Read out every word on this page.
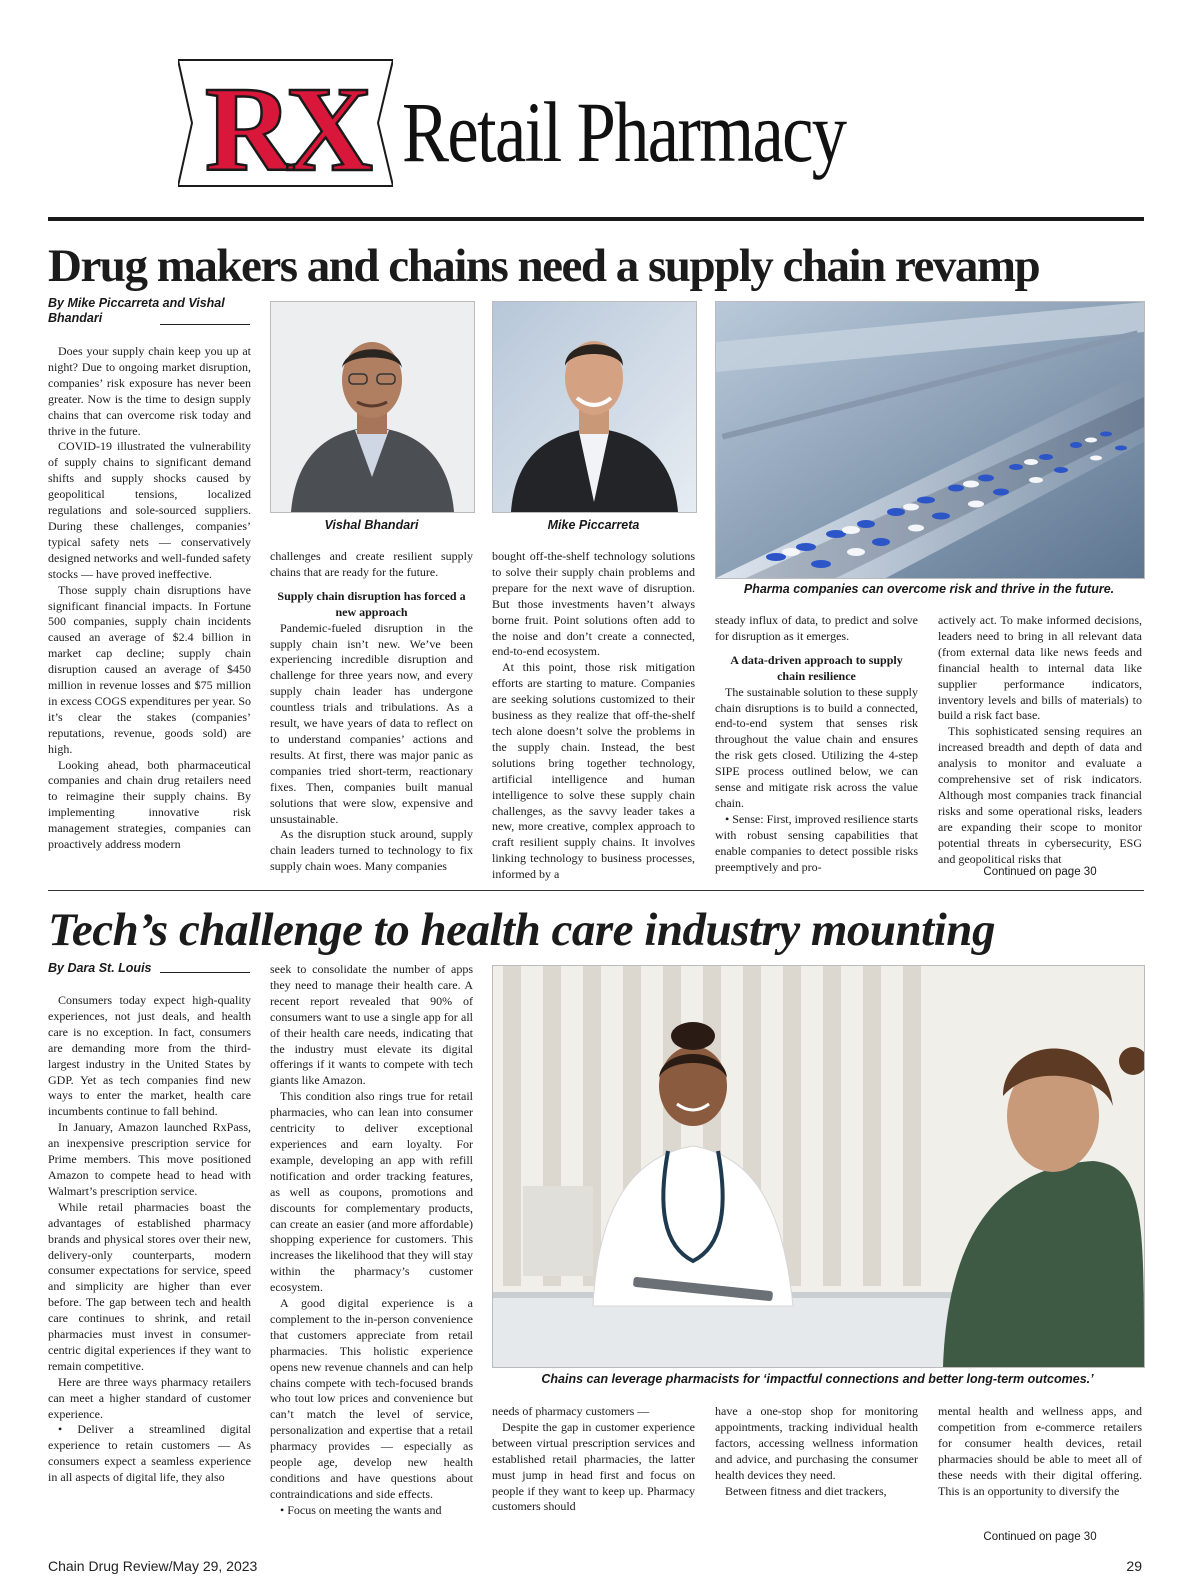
RX Retail Pharmacy
Drug makers and chains need a supply chain revamp
By Mike Piccarreta and Vishal Bhandari

Does your supply chain keep you up at night? Due to ongoing market disruption, companies’ risk exposure has never been greater. Now is the time to design supply chains that can overcome risk today and thrive in the future.

COVID-19 illustrated the vulnerability of supply chains to significant demand shifts and supply shocks caused by geopolitical tensions, localized regulations and sole-sourced suppliers. During these challenges, companies’ typical safety nets — conservatively designed networks and well-funded safety stocks — have proved ineffective.

Those supply chain disruptions have significant financial impacts. In Fortune 500 companies, supply chain incidents caused an average of $2.4 billion in market cap decline; supply chain disruption caused an average of $450 million in revenue losses and $75 million in excess COGS expenditures per year. So it’s clear the stakes (companies’ reputations, revenue, goods sold) are high.

Looking ahead, both pharmaceutical companies and chain drug retailers need to reimagine their supply chains. By implementing innovative risk management strategies, companies can proactively address modern

Vishal Bhandari	Mike Piccarreta
Pharma companies can overcome risk and thrive in the future.

challenges and create resilient supply chains that are ready for the future.

Supply chain disruption has forced a new approach

Pandemic-fueled disruption in the supply chain isn’t new. We’ve been experiencing incredible disruption and challenge for three years now, and every supply chain leader has undergone countless trials and tribulations. As a result, we have years of data to reflect on to understand companies’ actions and results. At first, there was major panic as companies tried short-term, reactionary fixes. Then, companies built manual solutions that were slow, expensive and unsustainable.

As the disruption stuck around, supply chain leaders turned to technology to fix supply chain woes. Many companies

bought off-the-shelf technology solutions to solve their supply chain problems and prepare for the next wave of disruption. But those investments haven’t always borne fruit. Point solutions often add to the noise and don’t create a connected, end-to-end ecosystem.

At this point, those risk mitigation efforts are starting to mature. Companies are seeking solutions customized to their business as they realize that off-the-shelf tech alone doesn’t solve the problems in the supply chain. Instead, the best solutions bring together technology, artificial intelligence and human intelligence to solve these supply chain challenges, as the savvy leader takes a new, more creative, complex approach to craft resilient supply chains. It involves linking technology to business processes, informed by a

steady influx of data, to predict and solve for disruption as it emerges.

A data-driven approach to supply chain resilience

The sustainable solution to these supply chain disruptions is to build a connected, end-to-end system that senses risk throughout the value chain and ensures the risk gets closed. Utilizing the 4-step SIPE process outlined below, we can sense and mitigate risk across the value chain.

• Sense: First, improved resilience starts with robust sensing capabilities that enable companies to detect possible risks preemptively and pro-

actively act. To make informed decisions, leaders need to bring in all relevant data (from external data like news feeds and financial health to internal data like supplier performance indicators, inventory levels and bills of materials) to build a risk fact base.

This sophisticated sensing requires an increased breadth and depth of data and analysis to monitor and evaluate a comprehensive set of risk indicators. Although most companies track financial risks and some operational risks, leaders are expanding their scope to monitor potential threats in cybersecurity, ESG and geopolitical risks that

Continued on page 30
Tech’s challenge to health care industry mounting
By Dara St. Louis

Consumers today expect high-quality experiences, not just deals, and health care is no exception. In fact, consumers are demanding more from the third-largest industry in the United States by GDP. Yet as tech companies find new ways to enter the market, health care incumbents continue to fall behind.

In January, Amazon launched RxPass, an inexpensive prescription service for Prime members. This move positioned Amazon to compete head to head with Walmart’s prescription service.

While retail pharmacies boast the advantages of established pharmacy brands and physical stores over their new, delivery-only counterparts, modern consumer expectations for service, speed and simplicity are higher than ever before. The gap between tech and health care continues to shrink, and retail pharmacies must invest in consumer-centric digital experiences if they want to remain competitive.

Here are three ways pharmacy retailers can meet a higher standard of customer experience.

• Deliver a streamlined digital experience to retain customers — As consumers expect a seamless experience in all aspects of digital life, they also

seek to consolidate the number of apps they need to manage their health care. A recent report revealed that 90% of consumers want to use a single app for all of their health care needs, indicating that the industry must elevate its digital offerings if it wants to compete with tech giants like Amazon.

This condition also rings true for retail pharmacies, who can lean into consumer centricity to deliver exceptional experiences and earn loyalty. For example, developing an app with refill notification and order tracking features, as well as coupons, promotions and discounts for complementary products, can create an easier (and more affordable) shopping experience for customers. This increases the likelihood that they will stay within the pharmacy’s customer ecosystem.

A good digital experience is a complement to the in-person convenience that customers appreciate from retail pharmacies. This holistic experience opens new revenue channels and can help chains compete with tech-focused brands who tout low prices and convenience but can’t match the level of service, personalization and expertise that a retail pharmacy provides — especially as people age, develop new health conditions and have questions about contraindications and side effects.

• Focus on meeting the wants and

Chains can leverage pharmacists for ‘impactful connections and better long-term outcomes.’

needs of pharmacy customers —

Despite the gap in customer experience between virtual prescription services and established retail pharmacies, the latter must jump in head first and focus on people if they want to keep up. Pharmacy customers should

have a one-stop shop for monitoring appointments, tracking individual health factors, accessing wellness information and advice, and purchasing the consumer health devices they need.

Between fitness and diet trackers,

mental health and wellness apps, and competition from e-commerce retailers for consumer health devices, retail pharmacies should be able to meet all of these needs with their digital offering. This is an opportunity to diversify the

Continued on page 30
Chain Drug Review/May 29, 2023	29
